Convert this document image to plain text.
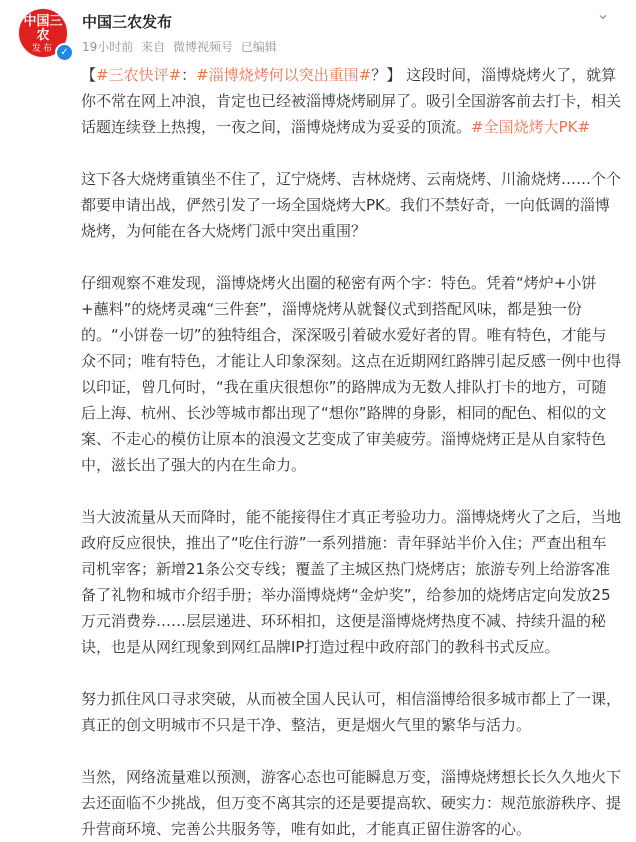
中国三农
发布 ✓
中国三农发布
19小时前 来自 微博视频号 已编辑
⌄

【#三农快评#：#淄博烧烤何以突出重围#？】 这段时间，淄博烧烤火了，就算你不常在网上冲浪，肯定也已经被淄博烧烤刷屏了。吸引全国游客前去打卡，相关话题连续登上热搜，一夜之间，淄博烧烤成为妥妥的顶流。#全国烧烤大PK#

这下各大烧烤重镇坐不住了，辽宁烧烤、吉林烧烤、云南烧烤、川渝烧烤……个个都要申请出战，俨然引发了一场全国烧烤大PK。我们不禁好奇，一向低调的淄博烧烤，为何能在各大烧烤门派中突出重围？

仔细观察不难发现，淄博烧烤火出圈的秘密有两个字：特色。凭着“烤炉+小饼+蘸料”的烧烤灵魂“三件套”，淄博烧烤从就餐仪式到搭配风味，都是独一份的。“小饼卷一切”的独特组合，深深吸引着破水爱好者的胃。唯有特色，才能与众不同；唯有特色，才能让人印象深刻。这点在近期网红路牌引起反感一例中也得以印证，曾几何时，“我在重庆很想你”的路牌成为无数人排队打卡的地方，可随后上海、杭州、长沙等城市都出现了“想你”路牌的身影，相同的配色、相似的文案、不走心的模仿让原本的浪漫文艺变成了审美疲劳。淄博烧烤正是从自家特色中，滋长出了强大的内在生命力。

当大波流量从天而降时，能不能接得住才真正考验功力。淄博烧烤火了之后，当地政府反应很快，推出了“吃住行游”一系列措施：青年驿站半价入住；严查出租车司机宰客；新增21条公交专线；覆盖了主城区热门烧烤店；旅游专列上给游客准备了礼物和城市介绍手册；举办淄博烧烤“金炉奖”，给参加的烧烤店定向发放25万元消费券……层层递进、环环相扣，这便是淄博烧烤热度不减、持续升温的秘诀，也是从网红现象到网红品牌IP打造过程中政府部门的教科书式反应。

努力抓住风口寻求突破，从而被全国人民认可，相信淄博给很多城市都上了一课，真正的创文明城市不只是干净、整洁，更是烟火气里的繁华与活力。

当然，网络流量难以预测，游客心态也可能瞬息万变，淄博烧烤想长长久久地火下去还面临不少挑战，但万变不离其宗的还是要提高软、硬实力：规范旅游秩序、提升营商环境、完善公共服务等，唯有如此，才能真正留住游客的心。
